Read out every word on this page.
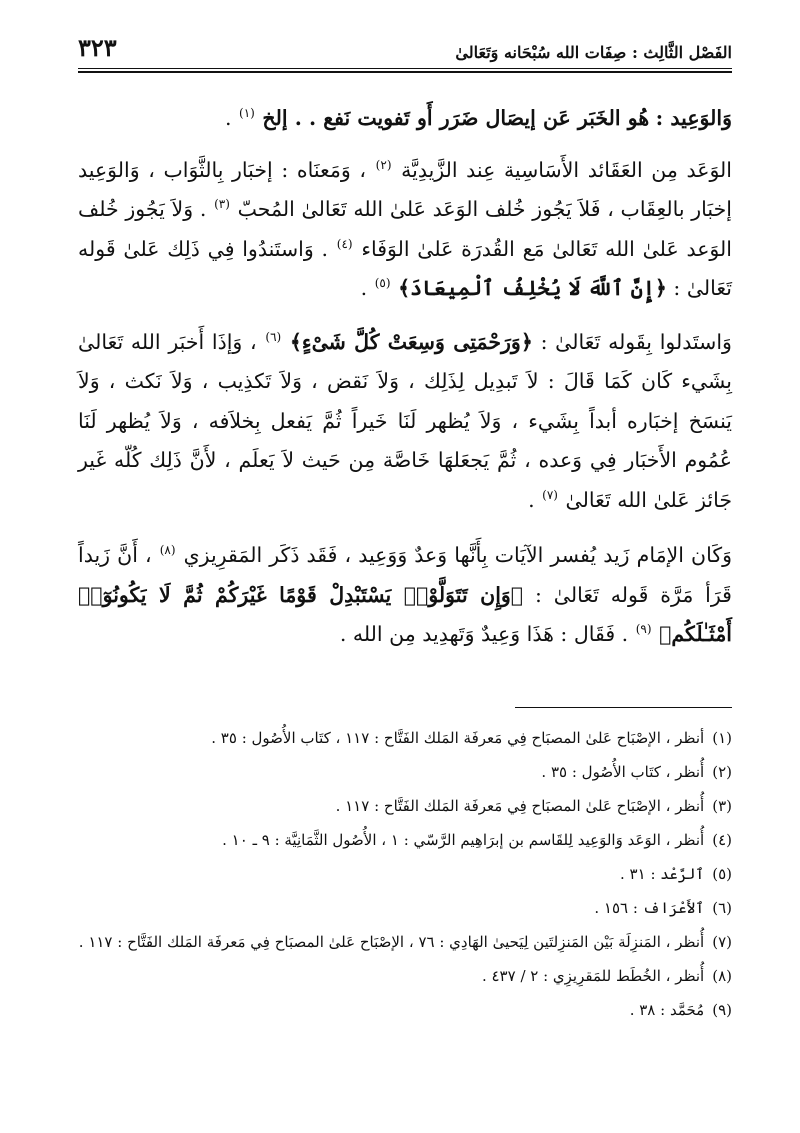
الفَصْل الثَّالِث : صِفَات الله سُبْحَانه وَتَعَالىٰ
٣٢٣

وَالوَعِيد : هُو الخَبَر عَن إيصَال ضَرَر أَو تَفويت نَفع . . إلخ $^{(١)}$ .

الوَعَد مِن العَقَائد الأَسَاسِية عِند الزَّيدِيَّة $^{(٢)}$ ، وَمَعنَاه : إخبَار بِالثَّوَاب ، وَالوَعِيد إخبَار بالعِقَاب ، فَلاَ يَجُوز خُلف الوَعَد عَلىٰ الله تَعَالىٰ المُحبّ $^{(٣)}$ . وَلاَ يَجُوز خُلف الوَعد عَلىٰ الله تَعَالىٰ مَع القُدرَة عَلىٰ الوَفَاء $^{(٤)}$ . وَاستَندُوا فِي ذَلِك عَلىٰ قَوله تَعَالىٰ : ﴿إِنَّ ٱللَّهَ لَا يُخْلِفُ ٱلْمِيعَادَ﴾ $^{(٥)}$ .

وَاستَدلوا بِقَوله تَعَالىٰ : ﴿وَرَحْمَتِى وَسِعَتْ كُلَّ شَىْءٍ﴾ $^{(٦)}$ ، وَإذَا أَخبَر الله تَعَالىٰ بِشَيء كَان كَمَا قَالَ : لاَ تَبدِيل لِذَلِك ، وَلاَ نَقض ، وَلاَ تَكذِيب ، وَلاَ نَكث ، وَلاَ يَنسَخ إخبَاره أبداً بِشَيء ، وَلاَ يُظهر لَنَا خَيراً ثُمَّ يَفعل بِخلاَفه ، وَلاَ يُظهر لَنَا عُمُوم الأَخبَار فِي وَعده ، ثُمَّ يَجعَلهَا خَاصَّة مِن حَيث لاَ يَعلَم ، لأَنَّ ذَلِك كُلّه غَير جَائز عَلىٰ الله تَعَالىٰ $^{(٧)}$ .

وَكَان الإمَام زَيد يُفسر الآيَات بِأَنَّها وَعدٌ وَوَعِيد ، فَقَد ذَكَر المَقرِيزي $^{(٨)}$ ، أَنَّ زَيداً قَرَأ مَرَّة قَوله تَعَالىٰ : ﴿وَإِن تَتَوَلَّوْا۟ يَسْتَبْدِلْ قَوْمًا غَيْرَكُمْ ثُمَّ لَا يَكُونُوٓا۟ أَمْثَـٰلَكُم﴾ $^{(٩)}$ . فَقَال : هَذَا وَعِيدٌ وَتَهدِيد مِن الله .

(١)
أنظر ، الإصْبَاح عَلىٰ المصبَاح فِي مَعرفَة المَلك الفَتَّاح : ١١٧ ، كتَاب الأُصُول : ٣٥ .
(٢)
أُنظر ، كتَاب الأُصُول : ٣٥ .
(٣)
أُنظر ، الإصْبَاح عَلىٰ المصبَاح فِي مَعرفَة المَلك الفَتَّاح : ١١٧ .
(٤)
أُنظر ، الوَعَد وَالوَعِيد لِلقَاسم بن إبرَاهِيم الرَّسّي : ١ ، الأُصُول الثَّمَانِيَّة : ٩ ـ ١٠ .
(٥)
ٱلرَّعْد : ٣١ .
(٦)
ٱلأَعْرَاف : ١٥٦ .
(٧)
أُنظر ، المَنزِلَة بَيْن المَنزِلتَين لِيَحيىٰ الهَادِي : ٧٦ ، الإصْبَاح عَلىٰ المصبَاح فِي مَعرفَة المَلك الفَتَّاح : ١١٧ .
(٨)
أُنظر ، الخُطَط للمَقرِيزِي : ٢ / ٤٣٧ .
(٩)
مُحَمَّد : ٣٨ .
